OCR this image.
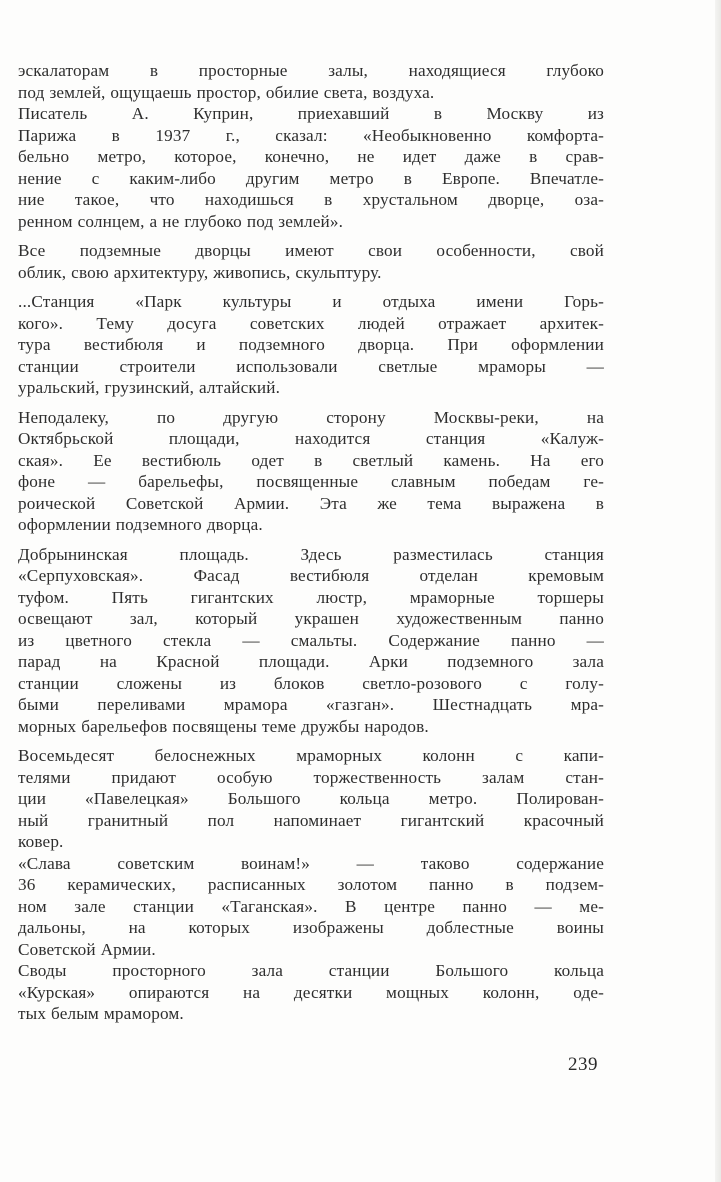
эскалаторам в просторные залы, находящиеся глубоко
под землей, ощущаешь простор, обилие света, воздуха.
Писатель А. Куприн, приехавший в Москву из
Парижа в 1937 г., сказал: «Необыкновенно комфорта-
бельно метро, которое, конечно, не идет даже в срав-
нение с каким-либо другим метро в Европе. Впечатле-
ние такое, что находишься в хрустальном дворце, оза-
ренном солнцем, а не глубоко под землей».
Все подземные дворцы имеют свои особенности, свой
облик, свою архитектуру, живопись, скульптуру.
...Станция «Парк культуры и отдыха имени Горь-
кого». Тему досуга советских людей отражает архитек-
тура вестибюля и подземного дворца. При оформлении
станции строители использовали светлые мраморы —
уральский, грузинский, алтайский.
Неподалеку, по другую сторону Москвы-реки, на
Октябрьской площади, находится станция «Калуж-
ская». Ее вестибюль одет в светлый камень. На его
фоне — барельефы, посвященные славным победам ге-
роической Советской Армии. Эта же тема выражена в
оформлении подземного дворца.
Добрынинская площадь. Здесь разместилась станция
«Серпуховская». Фасад вестибюля отделан кремовым
туфом. Пять гигантских люстр, мраморные торшеры
освещают зал, который украшен художественным панно
из цветного стекла — смальты. Содержание панно —
парад на Красной площади. Арки подземного зала
станции сложены из блоков светло-розового с голу-
быми переливами мрамора «газган». Шестнадцать мра-
морных барельефов посвящены теме дружбы народов.
Восемьдесят белоснежных мраморных колонн с капи-
телями придают особую торжественность залам стан-
ции «Павелецкая» Большого кольца метро. Полирован-
ный гранитный пол напоминает гигантский красочный
ковер.
«Слава советским воинам!» — таково содержание
36 керамических, расписанных золотом панно в подзем-
ном зале станции «Таганская». В центре панно — ме-
дальоны, на которых изображены доблестные воины
Советской Армии.
Своды просторного зала станции Большого кольца
«Курская» опираются на десятки мощных колонн, оде-
тых белым мрамором.
239
